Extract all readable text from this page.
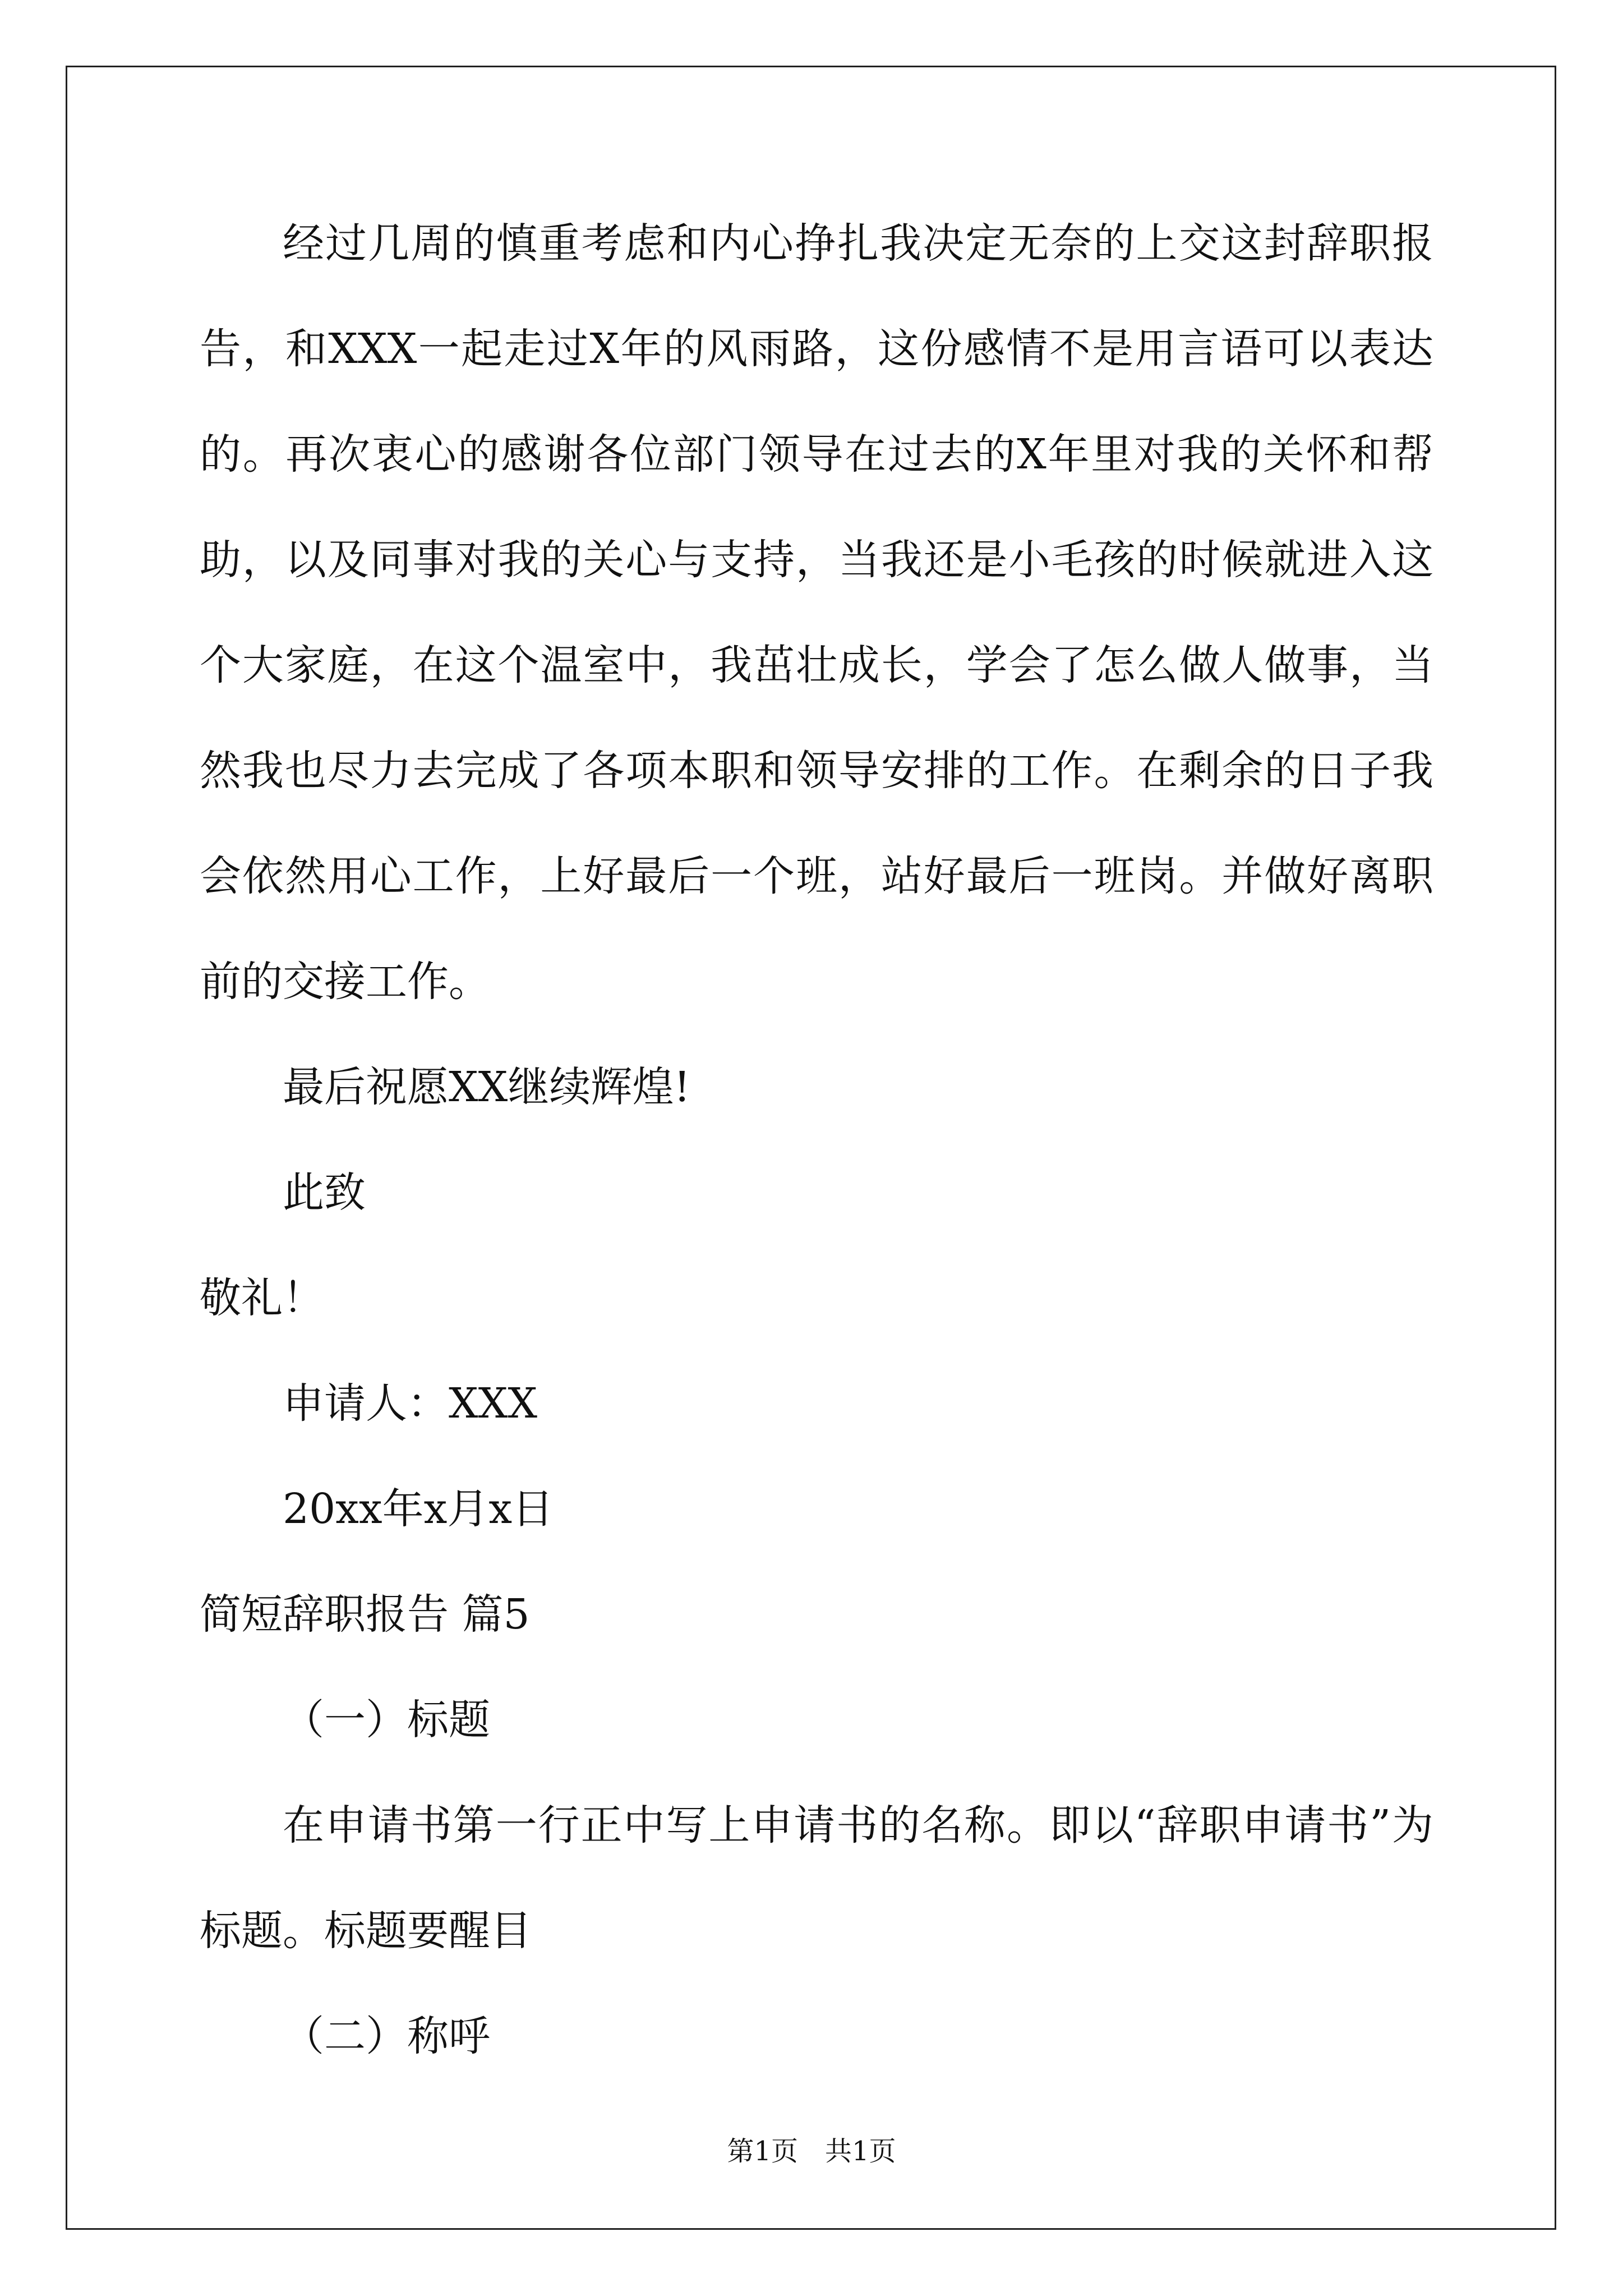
经过几周的慎重考虑和内心挣扎我决定无奈的上交这封辞职报告，和XXX一起走过X年的风雨路，这份感情不是用言语可以表达的。再次衷心的感谢各位部门领导在过去的X年里对我的关怀和帮助，以及同事对我的关心与支持，当我还是小毛孩的时候就进入这个大家庭，在这个温室中，我茁壮成长，学会了怎么做人做事，当然我也尽力去完成了各项本职和领导安排的工作。在剩余的日子我会依然用心工作，上好最后一个班，站好最后一班岗。并做好离职前的交接工作。

最后祝愿XX继续辉煌!

此致

敬礼！

申请人：XXX

20xx年x月x日

简短辞职报告 篇5

（一）标题

在申请书第一行正中写上申请书的名称。即以“辞职申请书”为标题。标题要醒目

（二）称呼

第1页 共1页
